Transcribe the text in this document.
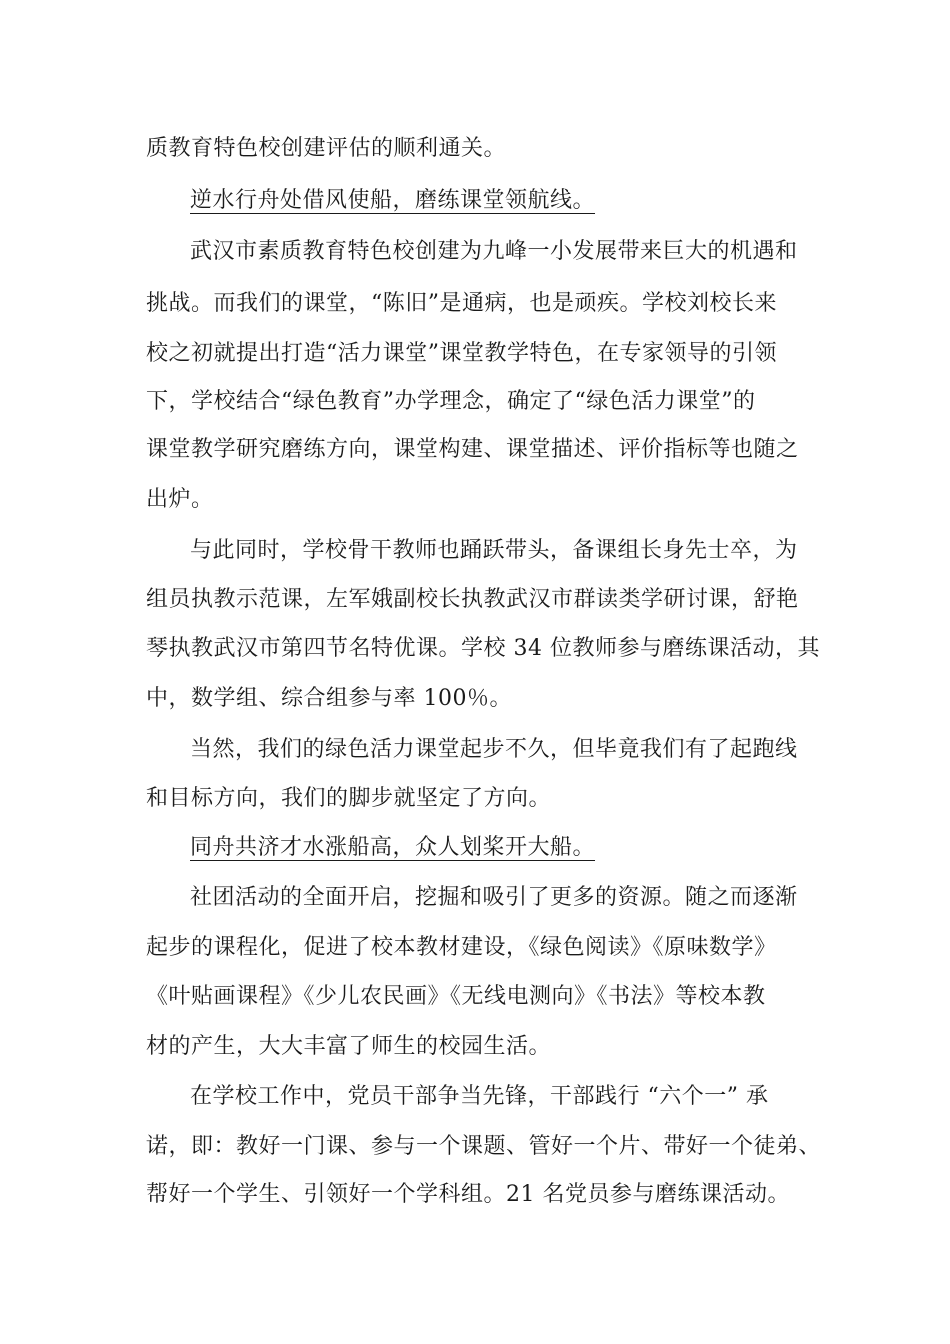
质教育特色校创建评估的顺利通关。
逆水行舟处借风使船，磨练课堂领航线。
武汉市素质教育特色校创建为九峰一小发展带来巨大的机遇和
挑战。而我们的课堂，“陈旧”是通病，也是顽疾。学校刘校长来
校之初就提出打造“活力课堂”课堂教学特色，在专家领导的引领
下，学校结合“绿色教育”办学理念，确定了“绿色活力课堂”的
课堂教学研究磨练方向，课堂构建、课堂描述、评价指标等也随之
出炉。
与此同时，学校骨干教师也踊跃带头，备课组长身先士卒，为
组员执教示范课，左军娥副校长执教武汉市群读类学研讨课，舒艳
琴执教武汉市第四节名特优课。学校 34 位教师参与磨练课活动，其
中，数学组、综合组参与率 100％。
当然，我们的绿色活力课堂起步不久，但毕竟我们有了起跑线
和目标方向，我们的脚步就坚定了方向。
同舟共济才水涨船高，众人划桨开大船。
社团活动的全面开启，挖掘和吸引了更多的资源。随之而逐渐
起步的课程化，促进了校本教材建设，《绿色阅读》《原味数学》
《叶贴画课程》《少儿农民画》《无线电测向》《书法》等校本教
材的产生，大大丰富了师生的校园生活。
在学校工作中，党员干部争当先锋，干部践行 “六个一” 承
诺，即：教好一门课、参与一个课题、管好一个片、带好一个徒弟、
帮好一个学生、引领好一个学科组。21 名党员参与磨练课活动。
